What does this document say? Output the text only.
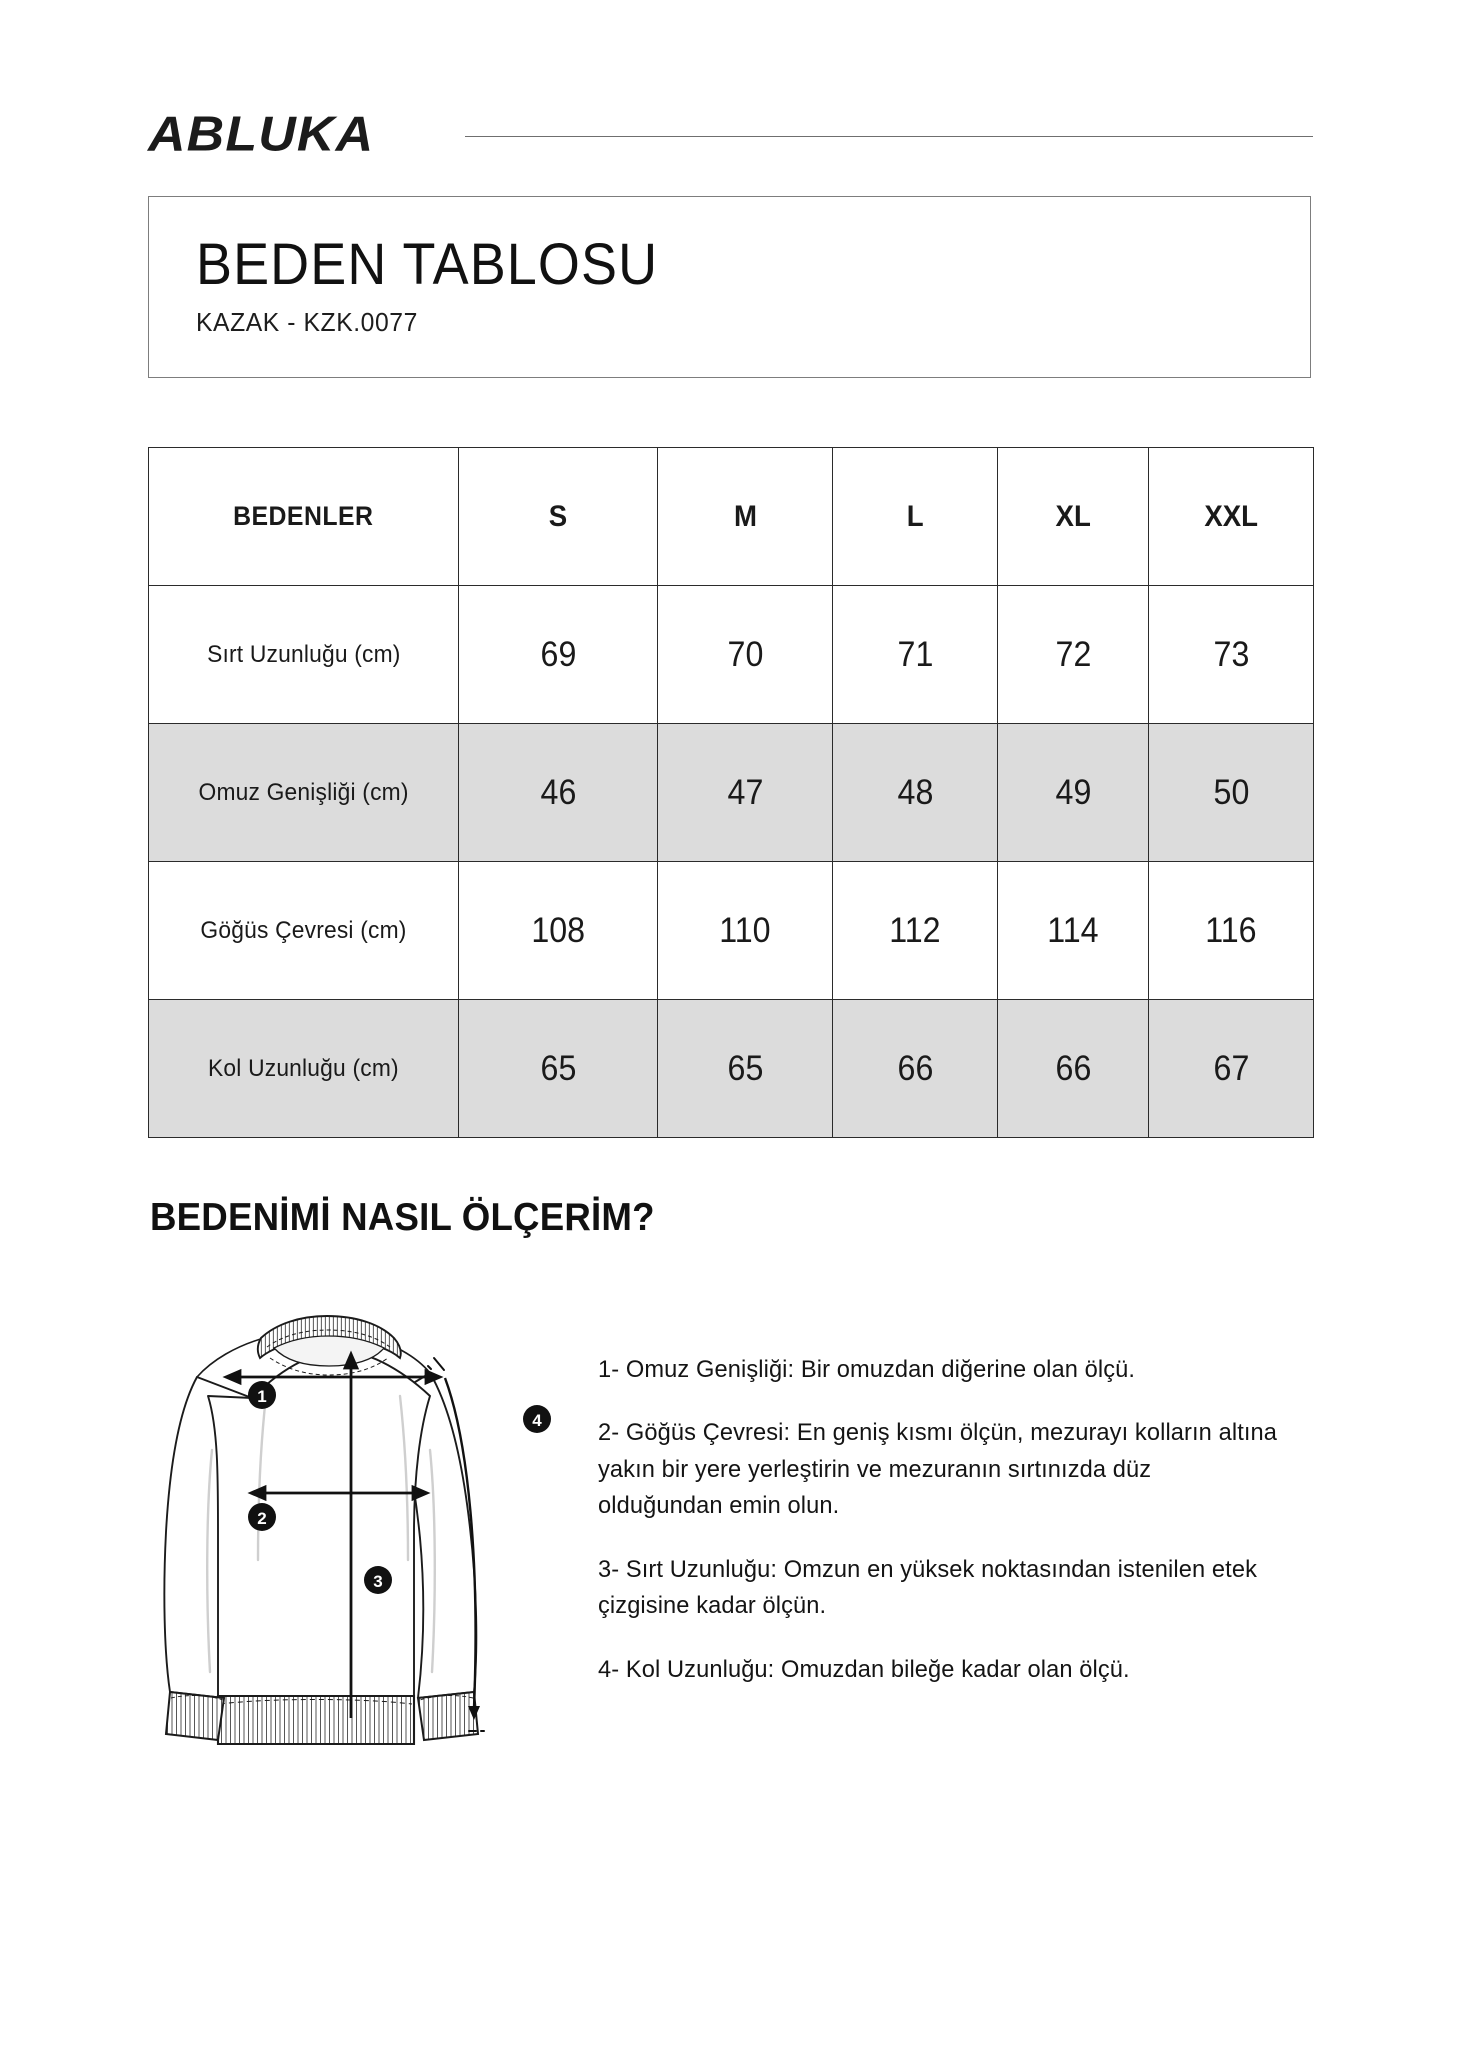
ABLUKA
BEDEN TABLOSU
KAZAK - KZK.0077
BEDENLER	S	M	L	XL	XXL
Sırt Uzunluğu (cm)	69	70	71	72	73
Omuz Genişliği (cm)	46	47	48	49	50
Göğüs Çevresi (cm)	108	110	112	114	116
Kol Uzunluğu (cm)	65	65	66	66	67
BEDENİMİ NASIL ÖLÇERİM?
1
2
3
4
1- Omuz Genişliği: Bir omuzdan diğerine olan ölçü.
2- Göğüs Çevresi: En geniş kısmı ölçün, mezurayı kolların altına yakın bir yere yerleştirin ve mezuranın sırtınızda düz olduğundan emin olun.
3- Sırt Uzunluğu: Omzun en yüksek noktasından istenilen etek çizgisine kadar ölçün.
4- Kol Uzunluğu: Omuzdan bileğe kadar olan ölçü.
